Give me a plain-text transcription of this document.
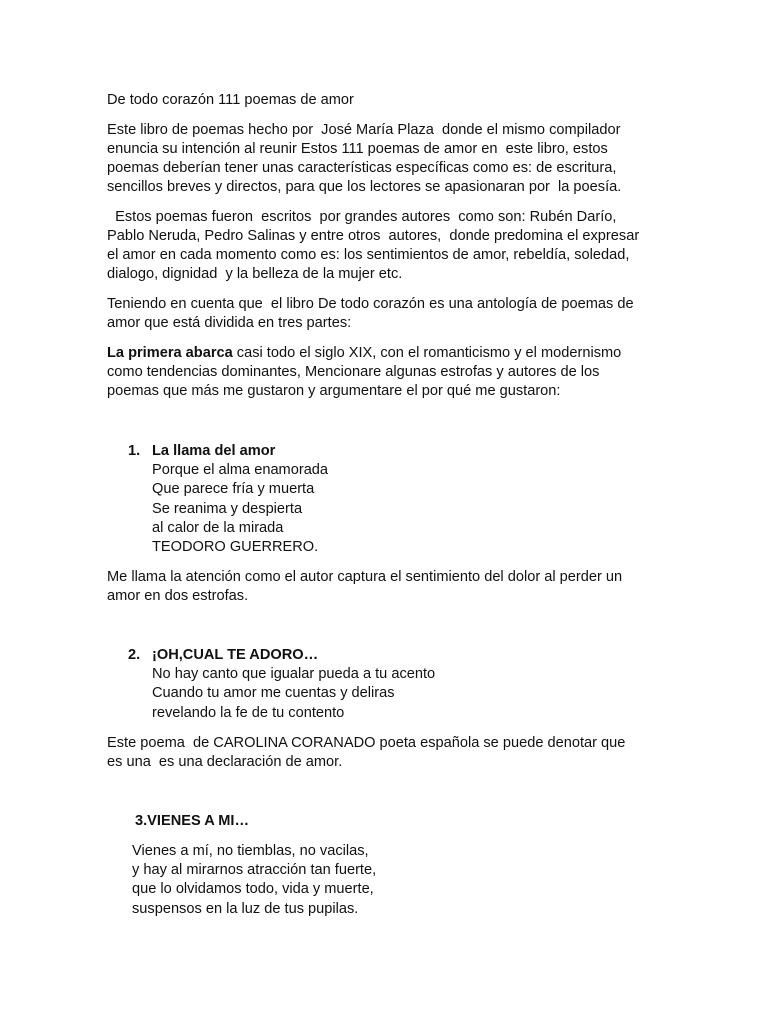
De todo corazón 111 poemas de amor
Este libro de poemas hecho por  José María Plaza  donde el mismo compilador
enuncia su intención al reunir Estos 111 poemas de amor en  este libro, estos
poemas deberían tener unas características específicas como es: de escritura,
sencillos breves y directos, para que los lectores se apasionaran por  la poesía.
Estos poemas fueron  escritos  por grandes autores  como son: Rubén Darío,
Pablo Neruda, Pedro Salinas y entre otros  autores,  donde predomina el expresar
el amor en cada momento como es: los sentimientos de amor, rebeldía, soledad,
dialogo, dignidad  y la belleza de la mujer etc.
Teniendo en cuenta que  el libro De todo corazón es una antología de poemas de
amor que está dividida en tres partes:
La primera abarca casi todo el siglo XIX, con el romanticismo y el modernismo
como tendencias dominantes, Mencionare algunas estrofas y autores de los
poemas que más me gustaron y argumentare el por qué me gustaron:
1. La llama del amor
Porque el alma enamorada
Que parece fría y muerta
Se reanima y despierta
al calor de la mirada
TEODORO GUERRERO.
Me llama la atención como el autor captura el sentimiento del dolor al perder un
amor en dos estrofas.
2. ¡OH,CUAL TE ADORO…
No hay canto que igualar pueda a tu acento
Cuando tu amor me cuentas y deliras
revelando la fe de tu contento
Este poema  de CAROLINA CORANADO poeta española se puede denotar que
es una  es una declaración de amor.
3.VIENES A MI…
Vienes a mí, no tiemblas, no vacilas,
y hay al mirarnos atracción tan fuerte,
que lo olvidamos todo, vida y muerte,
suspensos en la luz de tus pupilas.
